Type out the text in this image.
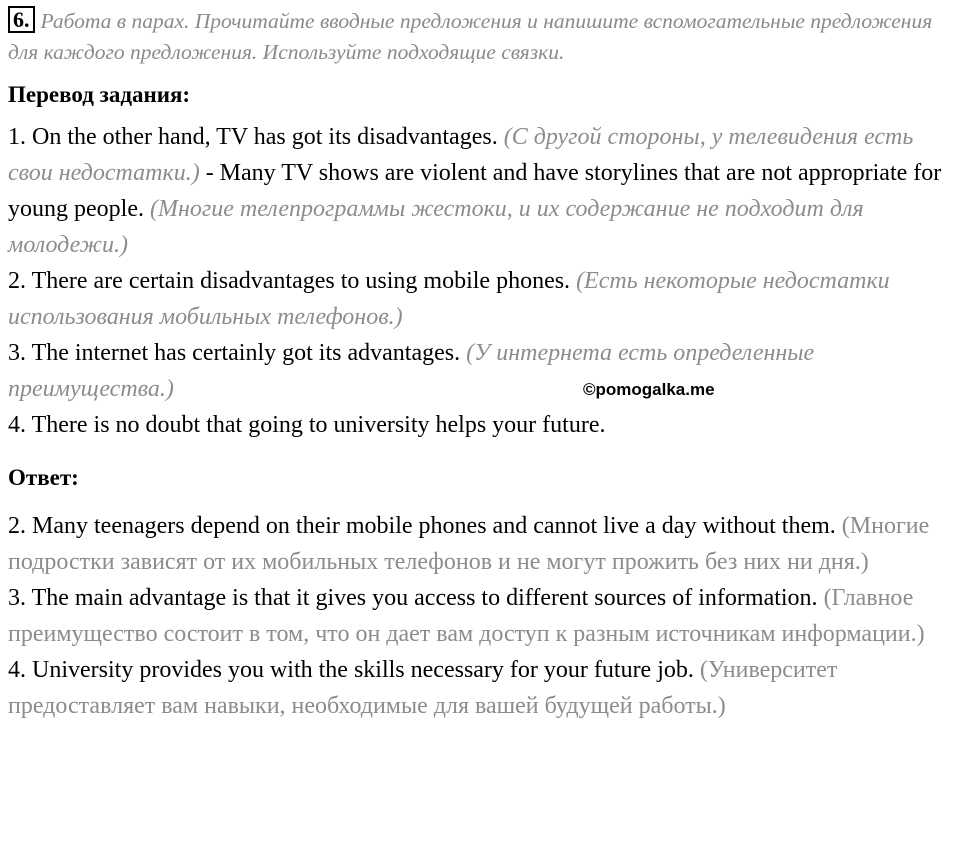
6. Работа в парах. Прочитайте вводные предложения и напишите вспомогательные предложения для каждого предложения. Используйте подходящие связки.

Перевод задания:

1. On the other hand, TV has got its disadvantages. (С другой стороны, у телевидения есть свои недостатки.) - Many TV shows are violent and have storylines that are not appropriate for young people. (Многие телепрограммы жестоки, и их содержание не подходит для молодежи.)

2. There are certain disadvantages to using mobile phones. (Есть некоторые недостатки использования мобильных телефонов.)

3. The internet has certainly got its advantages. (У интернета есть определенные преимущества.)

4. There is no doubt that going to university helps your future.

Ответ:

2. Many teenagers depend on their mobile phones and cannot live a day without them. (Многие подростки зависят от их мобильных телефонов и не могут прожить без них ни дня.)

3. The main advantage is that it gives you access to different sources of information. (Главное преимущество состоит в том, что он дает вам доступ к разным источникам информации.)

4. University provides you with the skills necessary for your future job. (Университет предоставляет вам навыки, необходимые для вашей будущей работы.)

©pomogalka.me
